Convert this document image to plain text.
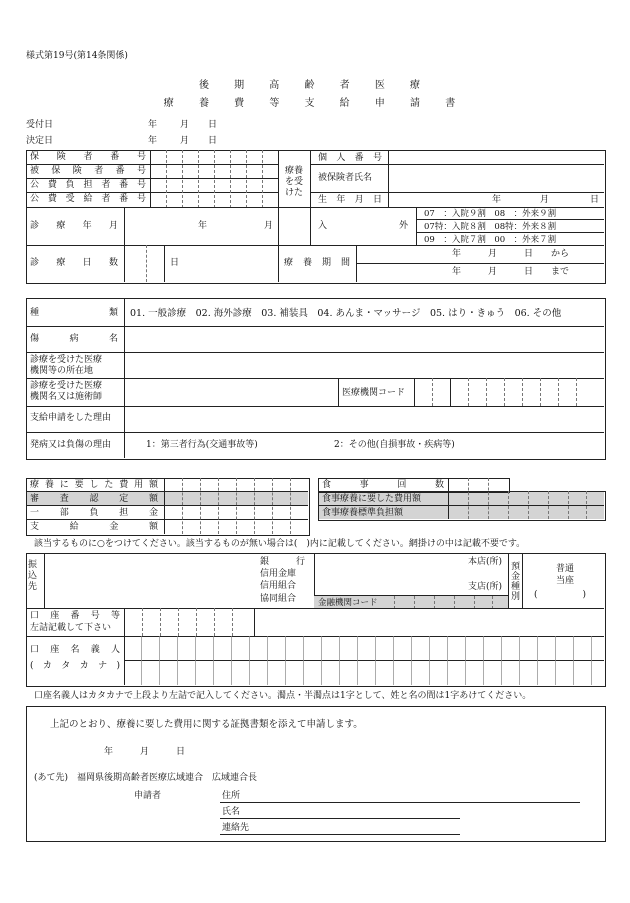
様式第19号(第14条関係)
後 期 高 齢 者 医 療
療 養 費 等 支 給 申 請 書
受付日	年	月 日
決定日	年	月 日
保険者番号
被保険者番号
公費負担者番号
公費受給者番号
療養を受けた
個人番号
被保険者氏名
生年月日	年	月	日
診療年月	年	月	入　　　外
07　：入院９割　08　：外来９割
07特：入院８割　08特：外来８割
09　：入院７割　00　：外来７割
診療日数	日	療養期間
年　　　月　　　日　　から
年　　　月　　　日　　まで
種類 01. 一般診療　02. 海外診療　03. 補装具　04. あんま・マッサージ　05. はり・きゅう　06. その他
傷病名
診療を受けた医療
機関等の所在地
診療を受けた医療
機関名又は施術師	医療機関コード
支給申請をした理由
発病又は負傷の理由	1：第三者行為(交通事故等)	2：その他(自損事故・疾病等)
療養に要した費用額
審査認定額
一部負担金
支給金額
食事回数
食事療養に要した費用額
食事療養標準負担額
該当するものに○をつけてください。該当するものが無い場合は(　)内に記載してください。網掛けの中は記載不要です。
振込先
銀　　　行
信用金庫
信用組合
協同組合
本店(所)
支店(所)
金融機関コード
預金種別
普通
当座
(　　　　　)
口座番号等
左詰記載して下さい
口座名義人
(カタカナ)
口座名義人はカタカナで上段より左詰で記入してください。濁点・半濁点は1字として、姓と名の間は1字あけてください。
上記のとおり、療養に要した費用に関する証拠書類を添えて申請します。
年　　　月　　　日
(あて先)　福岡県後期高齢者医療広域連合　広域連合長
申請者	住所
氏名
連絡先
